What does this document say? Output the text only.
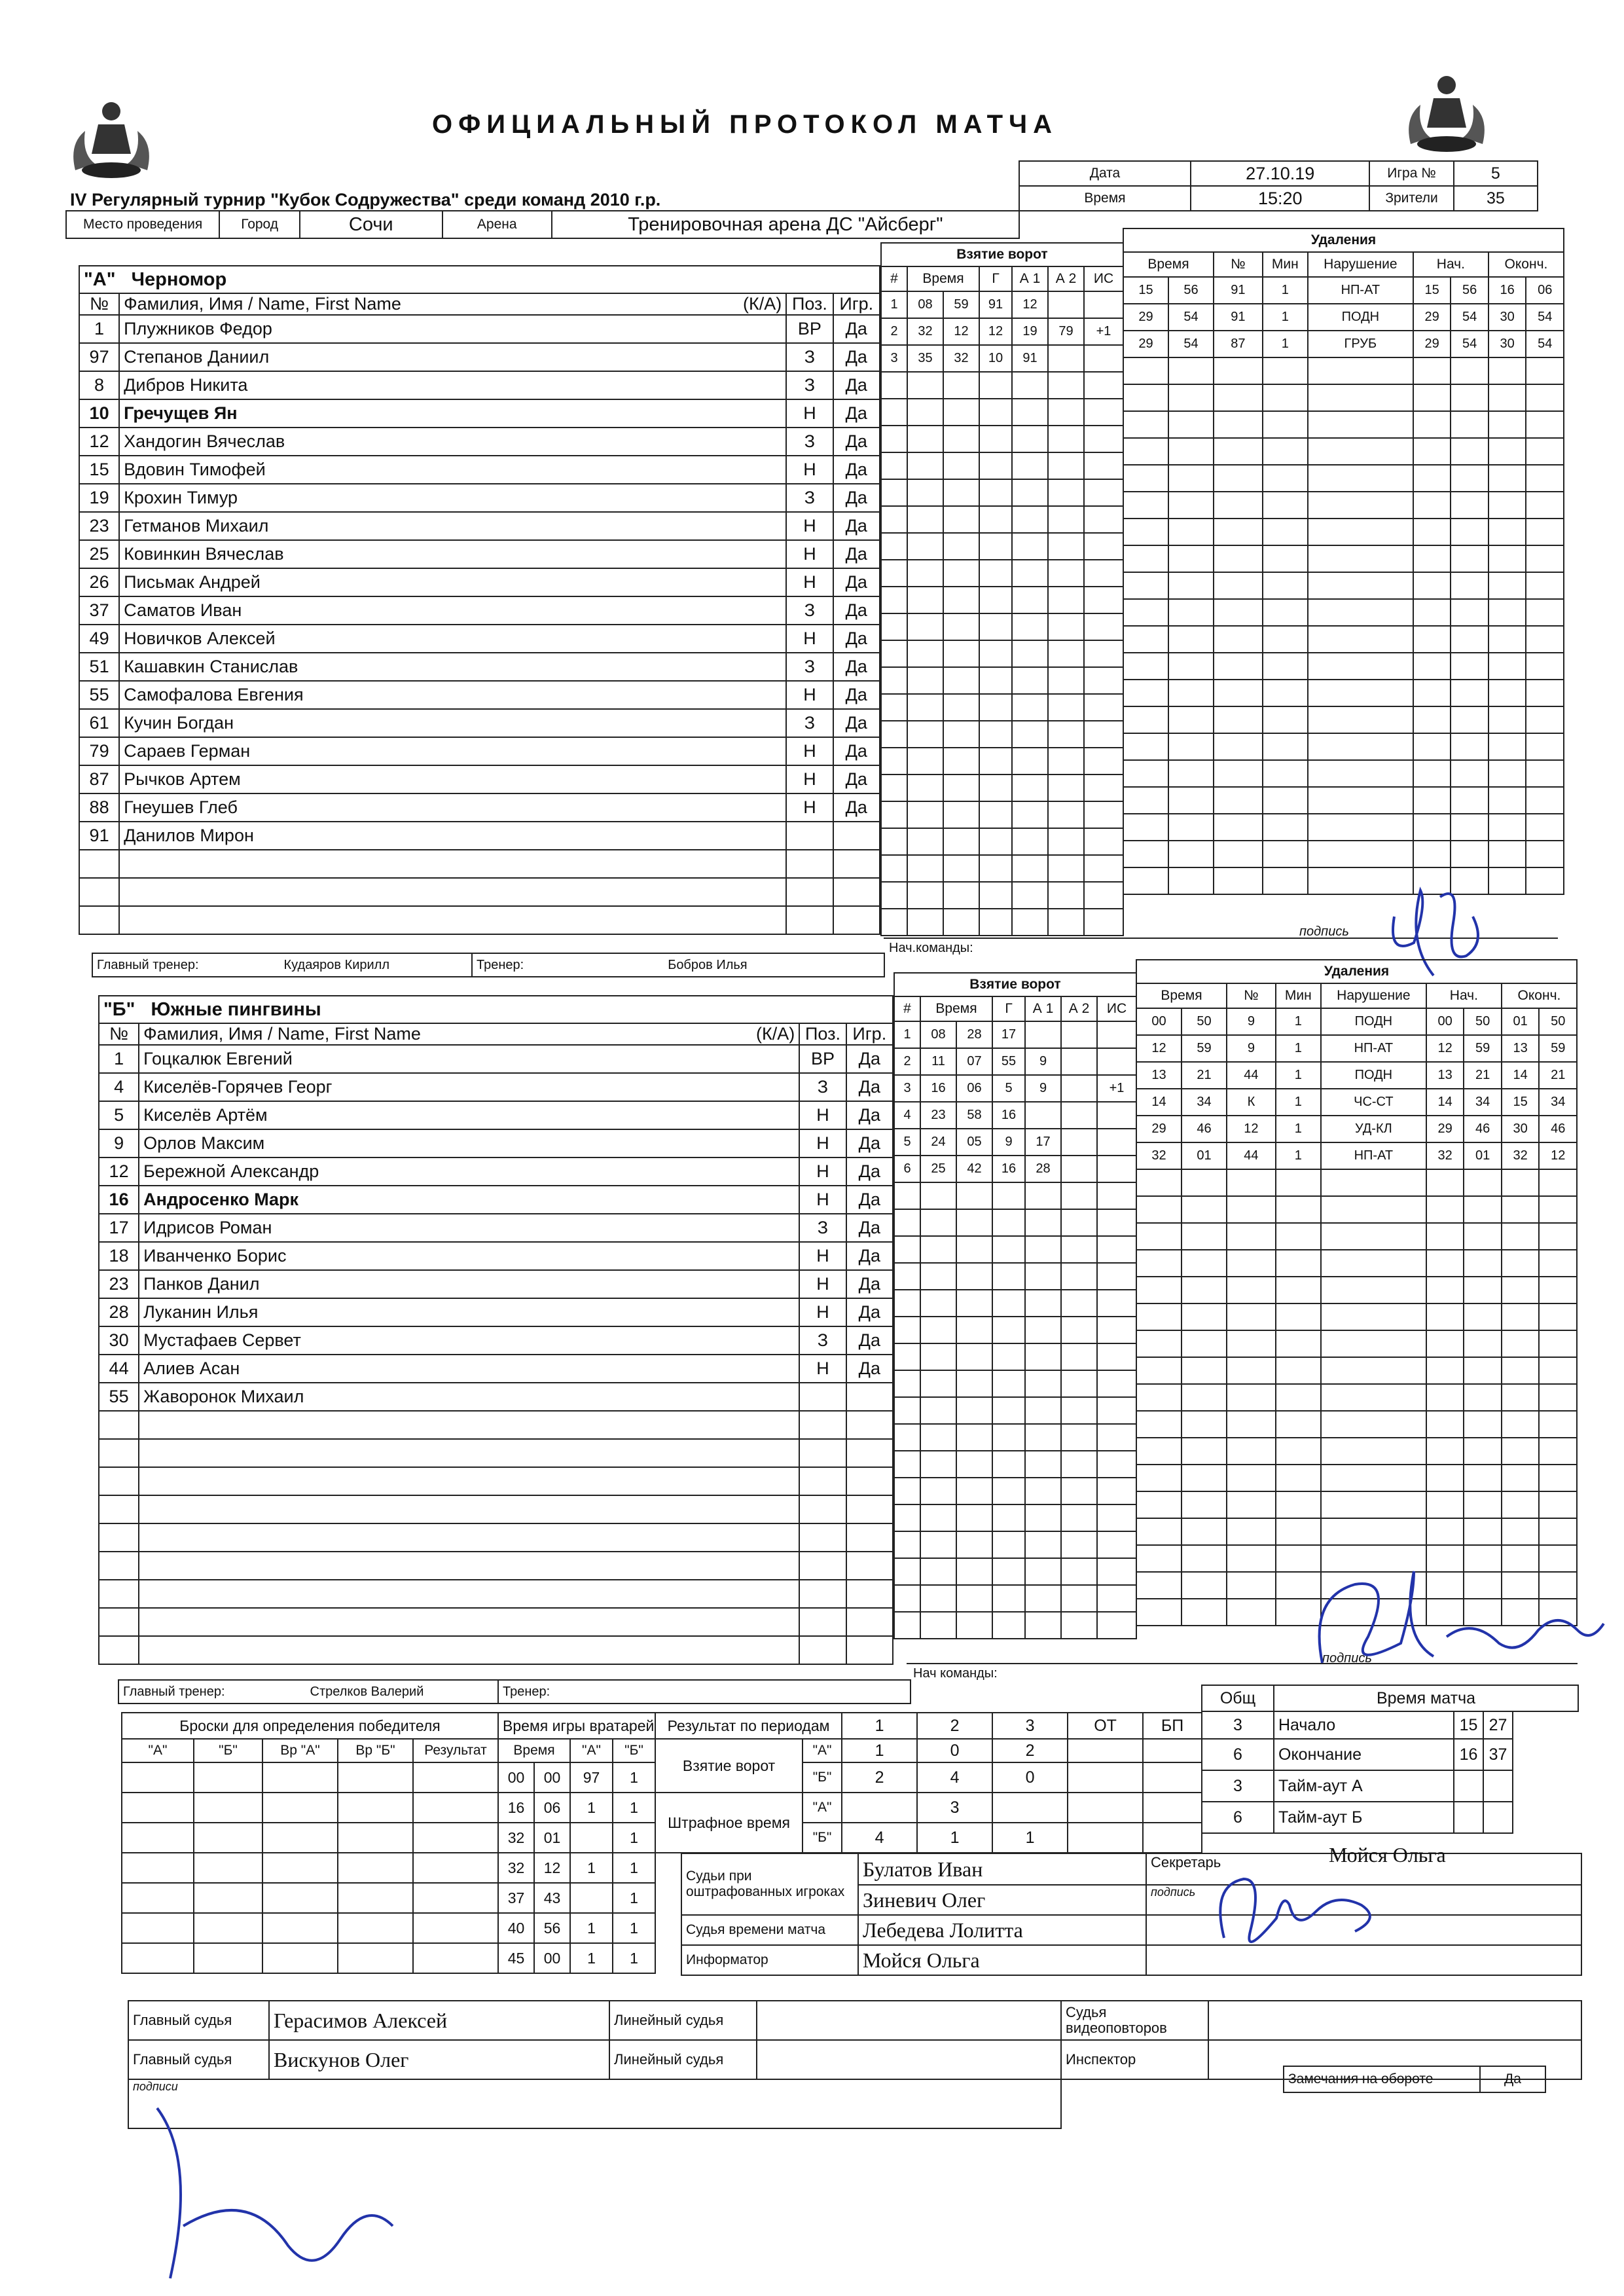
ОФИЦИАЛЬНЫЙ ПРОТОКОЛ МАТЧА
IV Регулярный турнир "Кубок Содружества" среди команд 2010 г.р.					Дата	27.10.19	Игра №	5
					Время	15:20	Зрители	35
Место проведения	Город	Сочи	Арена	Тренировочная арена ДС "Айсберг"				
"А" Черномор			
№	Фамилия, Имя / Name, First Name (К/А)	Поз.	Игр.
1	Плужников Федор	ВР	Да
97	Степанов Даниил	З	Да
8	Дибров Никита	З	Да
10	Гречущев Ян	Н	Да
12	Хандогин Вячеслав	З	Да
15	Вдовин Тимофей	Н	Да
19	Крохин Тимур	З	Да
23	Гетманов Михаил	Н	Да
25	Ковинкин Вячеслав	Н	Да
26	Письмак Андрей	Н	Да
37	Саматов Иван	З	Да
49	Новичков Алексей	Н	Да
51	Кашавкин Станислав	З	Да
55	Самофалова Евгения	Н	Да
61	Кучин Богдан	З	Да
79	Сараев Герман	Н	Да
87	Рычков Артем	Н	Да
88	Гнеушев Глеб	Н	Да
91	Данилов Мирон		

Взятие ворот						
#	Время		Г	А 1	А 2	ИС
1	08	59	91	12		
2	32	12	12	19	79	+1
3	35	32	10	91		

Удаления								
Время		№	Мин	Нарушение	Нач.		Оконч.	
15	56	91	1	НП-АТ	15	56	16	06
29	54	91	1	ПОДН	29	54	30	54
29	54	87	1	ГРУБ	29	54	30	54

подпись
Нач.команды:
Главный тренер:	Кудаяров Кирилл	Тренер:	Бобров Илья
"Б" Южные пингвины			
№	Фамилия, Имя / Name, First Name (К/А)	Поз.	Игр.
1	Гоцкалюк Евгений	ВР	Да
4	Киселёв-Горячев Георг	З	Да
5	Киселёв Артём	Н	Да
9	Орлов Максим	Н	Да
12	Бережной Александр	Н	Да
16	Андросенко Марк	Н	Да
17	Идрисов Роман	З	Да
18	Иванченко Борис	Н	Да
23	Панков Данил	Н	Да
28	Луканин Илья	Н	Да
30	Мустафаев Сервет	З	Да
44	Алиев Асан	Н	Да
55	Жаворонок Михаил		

Взятие ворот						
#	Время		Г	А 1	А 2	ИС
1	08	28	17			
2	11	07	55	9		
3	16	06	5	9		+1
4	23	58	16			
5	24	05	9	17		
6	25	42	16	28		

Удаления								
Время		№	Мин	Нарушение	Нач.		Оконч.	
00	50	9	1	ПОДН	00	50	01	50
12	59	9	1	НП-АТ	12	59	13	59
13	21	44	1	ПОДН	13	21	14	21
14	34	К	1	ЧС-СТ	14	34	15	34
29	46	12	1	УД-КЛ	29	46	30	46
32	01	44	1	НП-АТ	32	01	32	12

подпись
Нач команды:
Главный тренер:	Стрелков Валерий	Тренер:
Броски для определения победителя					Время игры вратарей				Результат по периодам		1	2	3	ОТ	БП
"А"	"Б"	Вр "А"	Вр "Б"	Результат	Время		"А"	"Б"	Взятие ворот	"А"	1	0	2		
					00	00	97	1		"Б"	2	4	0		
					16	06	1	1	Штрафное время	"А"		3			
					32	01		1		"Б"	4	1	1		
					32	12	1	1							
					37	43		1							
					40	56	1	1							
					45	00	1	1							
Общ	Время матча			
3	Начало	15	27	
6	Окончание	16	37	
3	Тайм-аут А			
6	Тайм-аут Б			
Судьи при оштрафованных игроках	Булатов Иван	Секретарь
	Зиневич Олег	подпись
Судья времени матча	Лебедева Лолитта	
Информатор	Мойся Ольга	
Мойся Ольга
Главный судья	Герасимов Алексей	Линейный судья		Судья видеоповторов	
Главный судья	Вискунов Олег	Линейный судья		Инспектор	
подписи						Замечания на обороте	Да
